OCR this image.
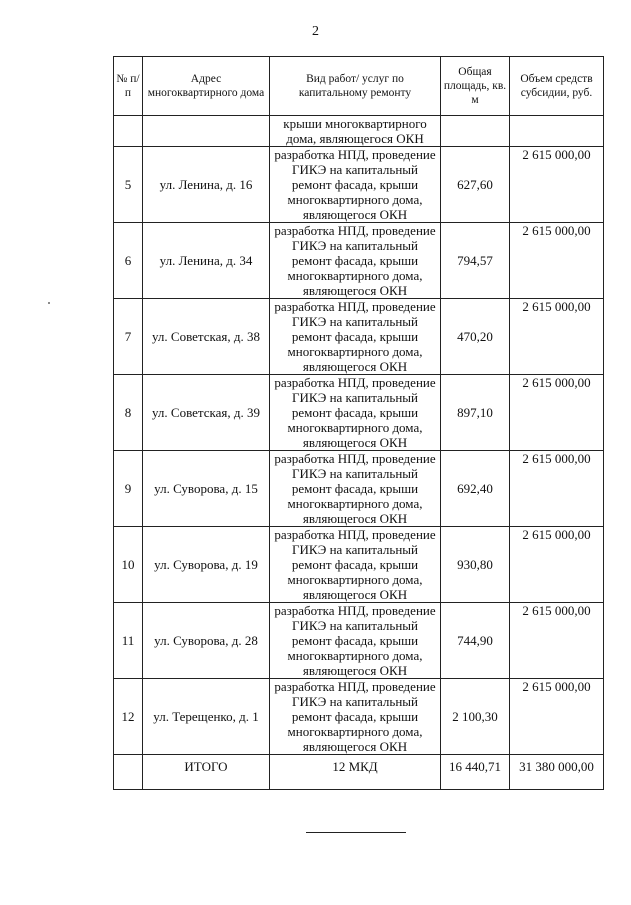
2
№ п/п	Адрес многоквартирного дома	Вид работ/ услуг по капитальному ремонту	Общая площадь, кв. м	Объем средств субсидии, руб.
		крыши многоквартирного дома, являющегося ОКН		
5	ул. Ленина, д. 16	разработка НПД, проведение ГИКЭ на капитальный ремонт фасада, крыши многоквартирного дома, являющегося ОКН	627,60	2 615 000,00
6	ул. Ленина, д. 34	разработка НПД, проведение ГИКЭ на капитальный ремонт фасада, крыши многоквартирного дома, являющегося ОКН	794,57	2 615 000,00
7	ул. Советская, д. 38	разработка НПД, проведение ГИКЭ на капитальный ремонт фасада, крыши многоквартирного дома, являющегося ОКН	470,20	2 615 000,00
8	ул. Советская, д. 39	разработка НПД, проведение ГИКЭ на капитальный ремонт фасада, крыши многоквартирного дома, являющегося ОКН	897,10	2 615 000,00
9	ул. Суворова, д. 15	разработка НПД, проведение ГИКЭ на капитальный ремонт фасада, крыши многоквартирного дома, являющегося ОКН	692,40	2 615 000,00
10	ул. Суворова, д. 19	разработка НПД, проведение ГИКЭ на капитальный ремонт фасада, крыши многоквартирного дома, являющегося ОКН	930,80	2 615 000,00
11	ул. Суворова, д. 28	разработка НПД, проведение ГИКЭ на капитальный ремонт фасада, крыши многоквартирного дома, являющегося ОКН	744,90	2 615 000,00
12	ул. Терещенко, д. 1	разработка НПД, проведение ГИКЭ на капитальный ремонт фасада, крыши многоквартирного дома, являющегося ОКН	2 100,30	2 615 000,00
	ИТОГО	12 МКД	16 440,71	31 380 000,00
